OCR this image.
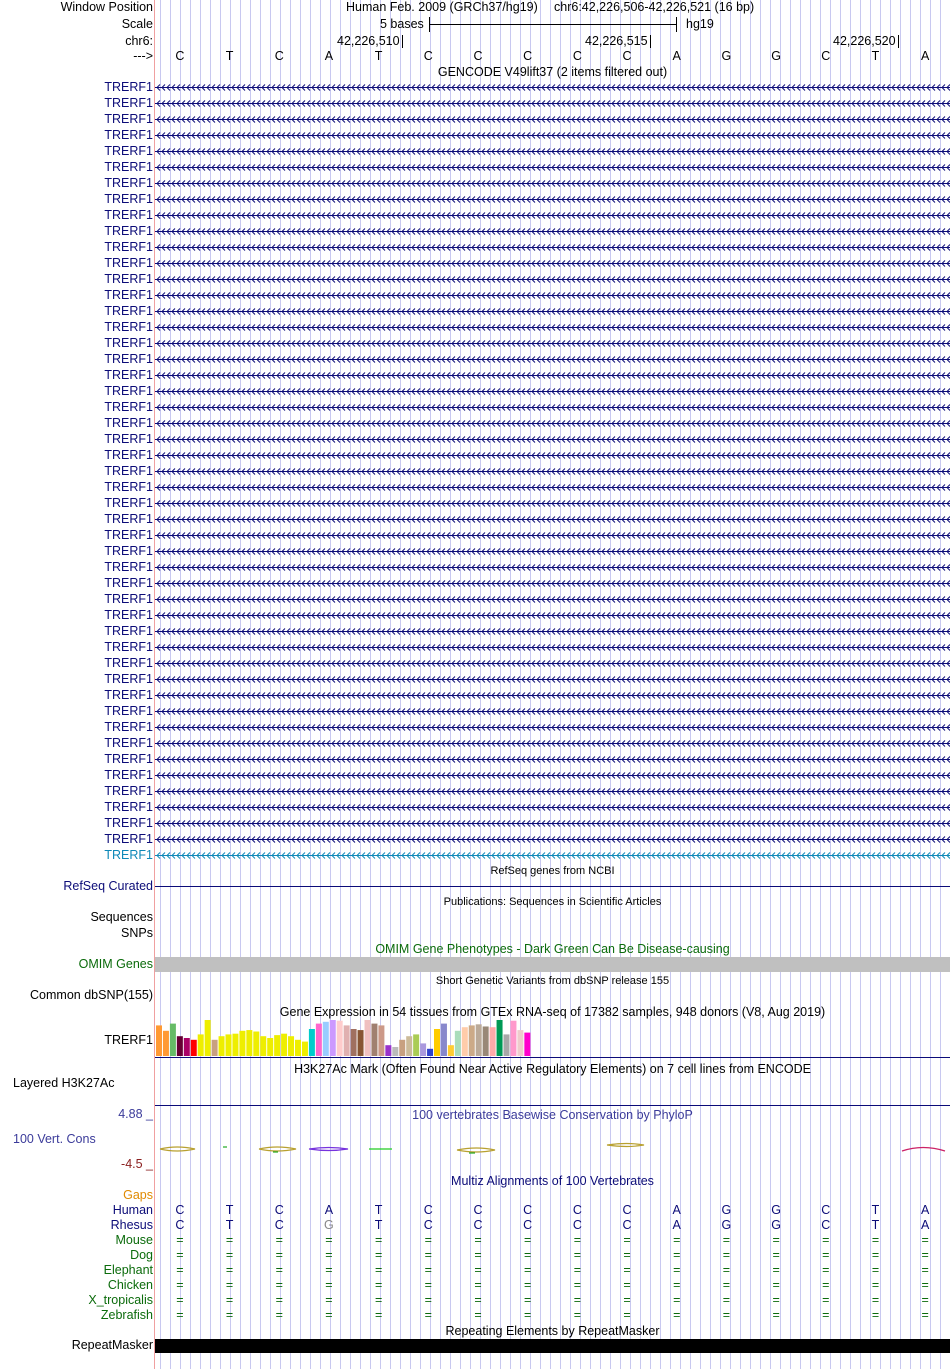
Window Position	Human Feb. 2009 (GRCh37/hg19) chr6:42,226,506-42,226,521 (16 bp)
Scale	5 bases	hg19
chr6:	42,226,510	42,226,515	42,226,520
--->	C	T	C	A	T	C	C	C	C	C	A	G	G	C	T	A
GENCODE V49lift37 (2 items filtered out)
TRERF1
TRERF1
TRERF1
TRERF1
TRERF1
TRERF1
TRERF1
TRERF1
TRERF1
TRERF1
TRERF1
TRERF1
TRERF1
TRERF1
TRERF1
TRERF1
TRERF1
TRERF1
TRERF1
TRERF1
TRERF1
TRERF1
TRERF1
TRERF1
TRERF1
TRERF1
TRERF1
TRERF1
TRERF1
TRERF1
TRERF1
TRERF1
TRERF1
TRERF1
TRERF1
TRERF1
TRERF1
TRERF1
TRERF1
TRERF1
TRERF1
TRERF1
TRERF1
TRERF1
TRERF1
TRERF1
TRERF1
TRERF1
TRERF1
RefSeq genes from NCBI
RefSeq Curated
Publications: Sequences in Scientific Articles
Sequences
SNPs
OMIM Gene Phenotypes - Dark Green Can Be Disease-causing
OMIM Genes
Short Genetic Variants from dbSNP release 155
Common dbSNP(155)
Gene Expression in 54 tissues from GTEx RNA-seq of 17382 samples, 948 donors (V8, Aug 2019)
TRERF1
H3K27Ac Mark (Often Found Near Active Regulatory Elements) on 7 cell lines from ENCODE
Layered H3K27Ac
100 vertebrates Basewise Conservation by PhyloP
4.88 _
100 Vert. Cons
-4.5 _
Multiz Alignments of 100 Vertebrates
Gaps
Human	C	T	C	A	T	C	C	C	C	C	A	G	G	C	T	A
Rhesus	C	T	C	G	T	C	C	C	C	C	A	G	G	C	T	A
Mouse	=	=	=	=	=	=	=	=	=	=	=	=	=	=	=	=
Dog	=	=	=	=	=	=	=	=	=	=	=	=	=	=	=	=
Elephant	=	=	=	=	=	=	=	=	=	=	=	=	=	=	=	=
Chicken	=	=	=	=	=	=	=	=	=	=	=	=	=	=	=	=
X_tropicalis	=	=	=	=	=	=	=	=	=	=	=	=	=	=	=	=
Zebrafish	=	=	=	=	=	=	=	=	=	=	=	=	=	=	=	=
Repeating Elements by RepeatMasker
RepeatMasker
